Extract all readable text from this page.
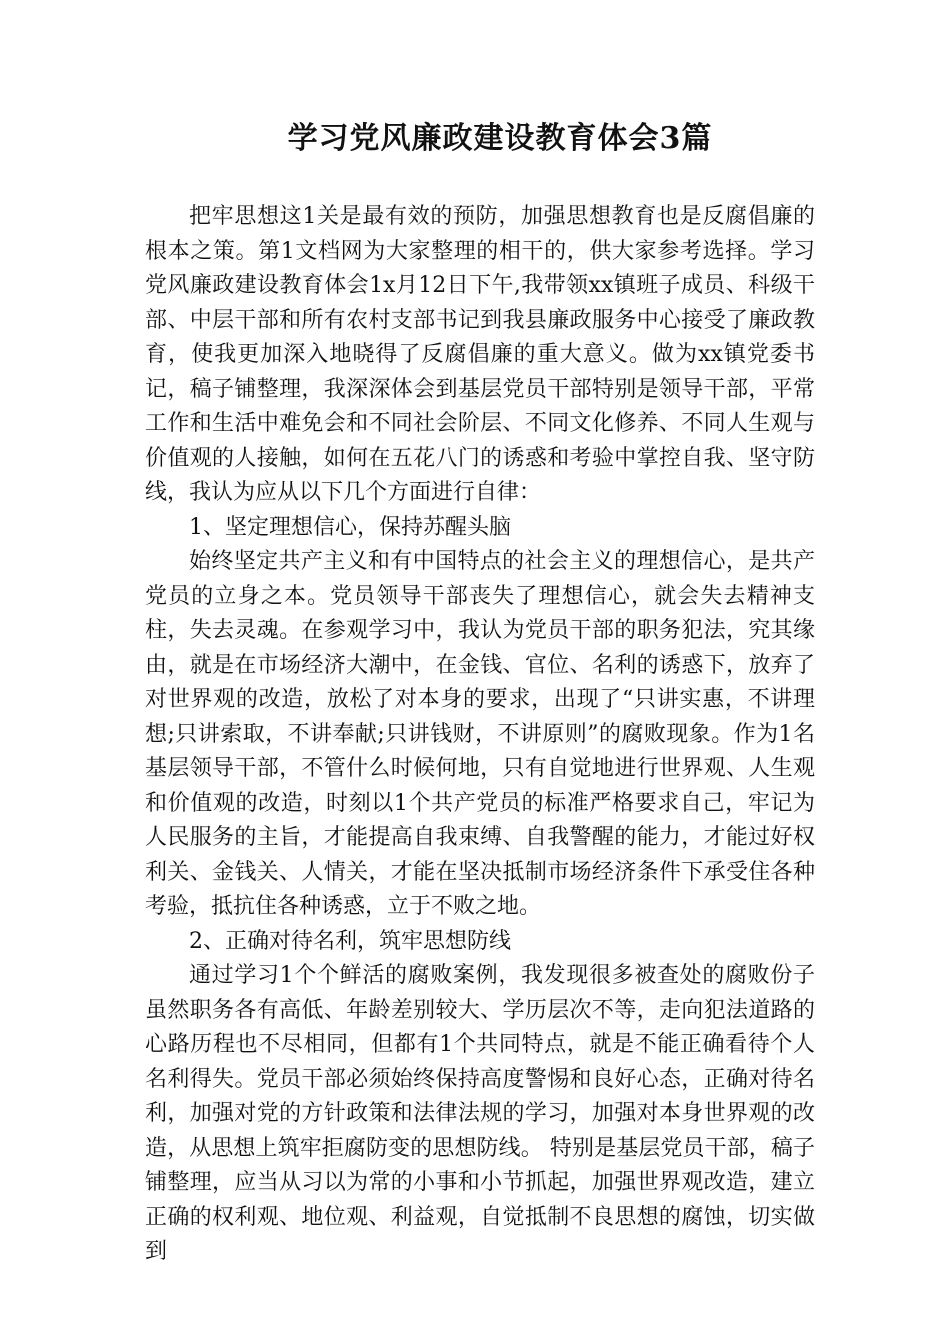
学习党风廉政建设教育体会3篇

把牢思想这1关是最有效的预防，加强思想教育也是反腐倡廉的根本之策。第1文档网为大家整理的相干的，供大家参考选择。学习党风廉政建设教育体会1x月12日下午,我带领xx镇班子成员、科级干部、中层干部和所有农村支部书记到我县廉政服务中心接受了廉政教育，使我更加深入地晓得了反腐倡廉的重大意义。做为xx镇党委书记，稿子铺整理，我深深体会到基层党员干部特别是领导干部，平常工作和生活中难免会和不同社会阶层、不同文化修养、不同人生观与价值观的人接触，如何在五花八门的诱惑和考验中掌控自我、坚守防线，我认为应从以下几个方面进行自律：

1、坚定理想信心，保持苏醒头脑

始终坚定共产主义和有中国特点的社会主义的理想信心，是共产党员的立身之本。党员领导干部丧失了理想信心，就会失去精神支柱，失去灵魂。在参观学习中，我认为党员干部的职务犯法，究其缘由，就是在市场经济大潮中，在金钱、官位、名利的诱惑下，放弃了对世界观的改造，放松了对本身的要求，出现了“只讲实惠，不讲理想;只讲索取，不讲奉献;只讲钱财，不讲原则”的腐败现象。作为1名基层领导干部，不管什么时候何地，只有自觉地进行世界观、人生观和价值观的改造，时刻以1个共产党员的标准严格要求自己，牢记为人民服务的主旨，才能提高自我束缚、自我警醒的能力，才能过好权利关、金钱关、人情关，才能在坚决抵制市场经济条件下承受住各种考验，抵抗住各种诱惑，立于不败之地。

2、正确对待名利，筑牢思想防线

通过学习1个个鲜活的腐败案例，我发现很多被查处的腐败份子虽然职务各有高低、年龄差别较大、学历层次不等，走向犯法道路的心路历程也不尽相同，但都有1个共同特点，就是不能正确看待个人名利得失。党员干部必须始终保持高度警惕和良好心态，正确对待名利，加强对党的方针政策和法律法规的学习，加强对本身世界观的改造，从思想上筑牢拒腐防变的思想防线。 特别是基层党员干部，稿子铺整理，应当从习以为常的小事和小节抓起，加强世界观改造，建立正确的权利观、地位观、利益观，自觉抵制不良思想的腐蚀，切实做到
